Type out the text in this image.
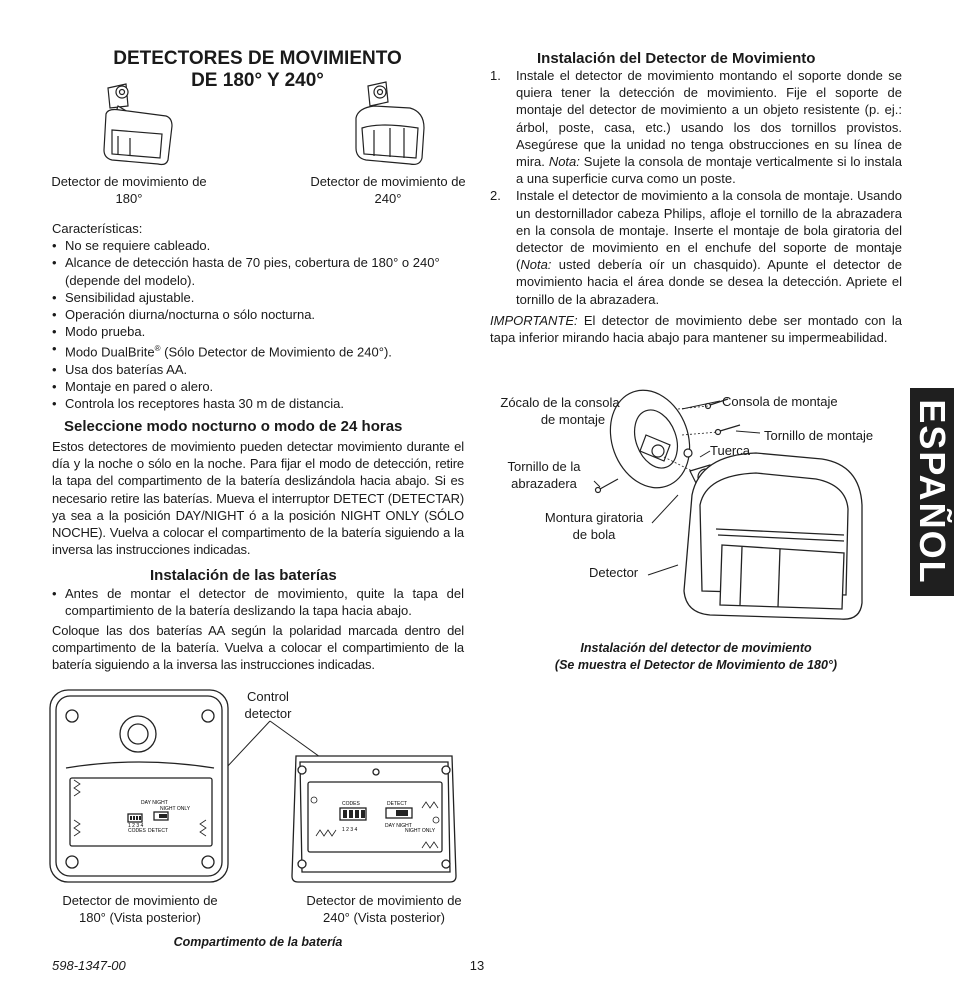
DETECTORES DE MOVIMIENTO
DE 180° Y 240°
Detector de movimiento de 180°
Detector de movimiento de 240°
Características:
• No se requiere cableado.
• Alcance de detección hasta de 70 pies, cobertura de 180° o 240° (depende del modelo).
• Sensibilidad ajustable.
• Operación diurna/nocturna o sólo nocturna.
• Modo prueba.
• Modo DualBrite® (Sólo Detector de Movimiento de 240°).
• Usa dos baterías AA.
• Montaje en pared o alero.
• Controla los receptores hasta 30 m de distancia.
Seleccione modo nocturno o modo de 24 horas
Estos detectores de movimiento pueden detectar movimiento durante el día y la noche o sólo en la noche. Para fijar el modo de detección, retire la tapa del compartimento de la batería deslizándola hacia abajo. Si es necesario retire las baterías. Mueva el interruptor DETECT (DETECTAR) ya sea a la posición DAY/NIGHT ó a la posición NIGHT ONLY (SÓLO NOCHE). Vuelva a colocar el compartimento de la batería siguiendo a la inversa las instrucciones indicadas.
Instalación de las baterías
• Antes de montar el detector de movimiento, quite la tapa del compartimiento de la batería deslizando la tapa hacia abajo.
Coloque las dos baterías AA según la polaridad marcada dentro del compartimento de la batería. Vuelva a colocar el compartimiento de la batería siguiendo a la inversa las instrucciones indicadas.
Control
detector
DAY NIGHT
NIGHT ONLY
CODES DETECT
1 2 3 4
CODES	DETECT
1 2 3 4
DAY NIGHT
NIGHT ONLY
Detector de movimiento de 180° (Vista posterior)
Detector de movimiento de 240° (Vista posterior)
Compartimento de la batería
Instalación del Detector de Movimiento
1. Instale el detector de movimiento montando el soporte donde se quiera tener la detección de movimiento. Fije el soporte de montaje del detector de movimiento a un objeto resistente (p. ej.: árbol, poste, casa, etc.) usando los dos tornillos provistos. Asegúrese que la unidad no tenga obstrucciones en su línea de mira. Nota: Sujete la consola de montaje verticalmente si lo instala a una superficie curva como un poste.
2. Instale el detector de movimiento a la consola de montaje. Usando un destornillador cabeza Philips, afloje el tornillo de la abrazadera en la consola de montaje. Inserte el montaje de bola giratoria del detector de movimiento en el enchufe del soporte de montaje (Nota: usted debería oír un chasquido). Apunte el detector de movimiento hacia el área donde se desea la detección. Apriete el tornillo de la abrazadera.
IMPORTANTE: El detector de movimiento debe ser montado con la tapa inferior mirando hacia abajo para mantener su impermeabilidad.
Zócalo de la consola
de montaje
Consola de montaje
Tornillo de montaje
Tuerca
Tornillo de la
abrazadera
Montura giratoria
de bola
Detector
Instalación del detector de movimiento
(Se muestra el Detector de Movimiento de 180°)
ESPAÑOL
598-1347-00	13
